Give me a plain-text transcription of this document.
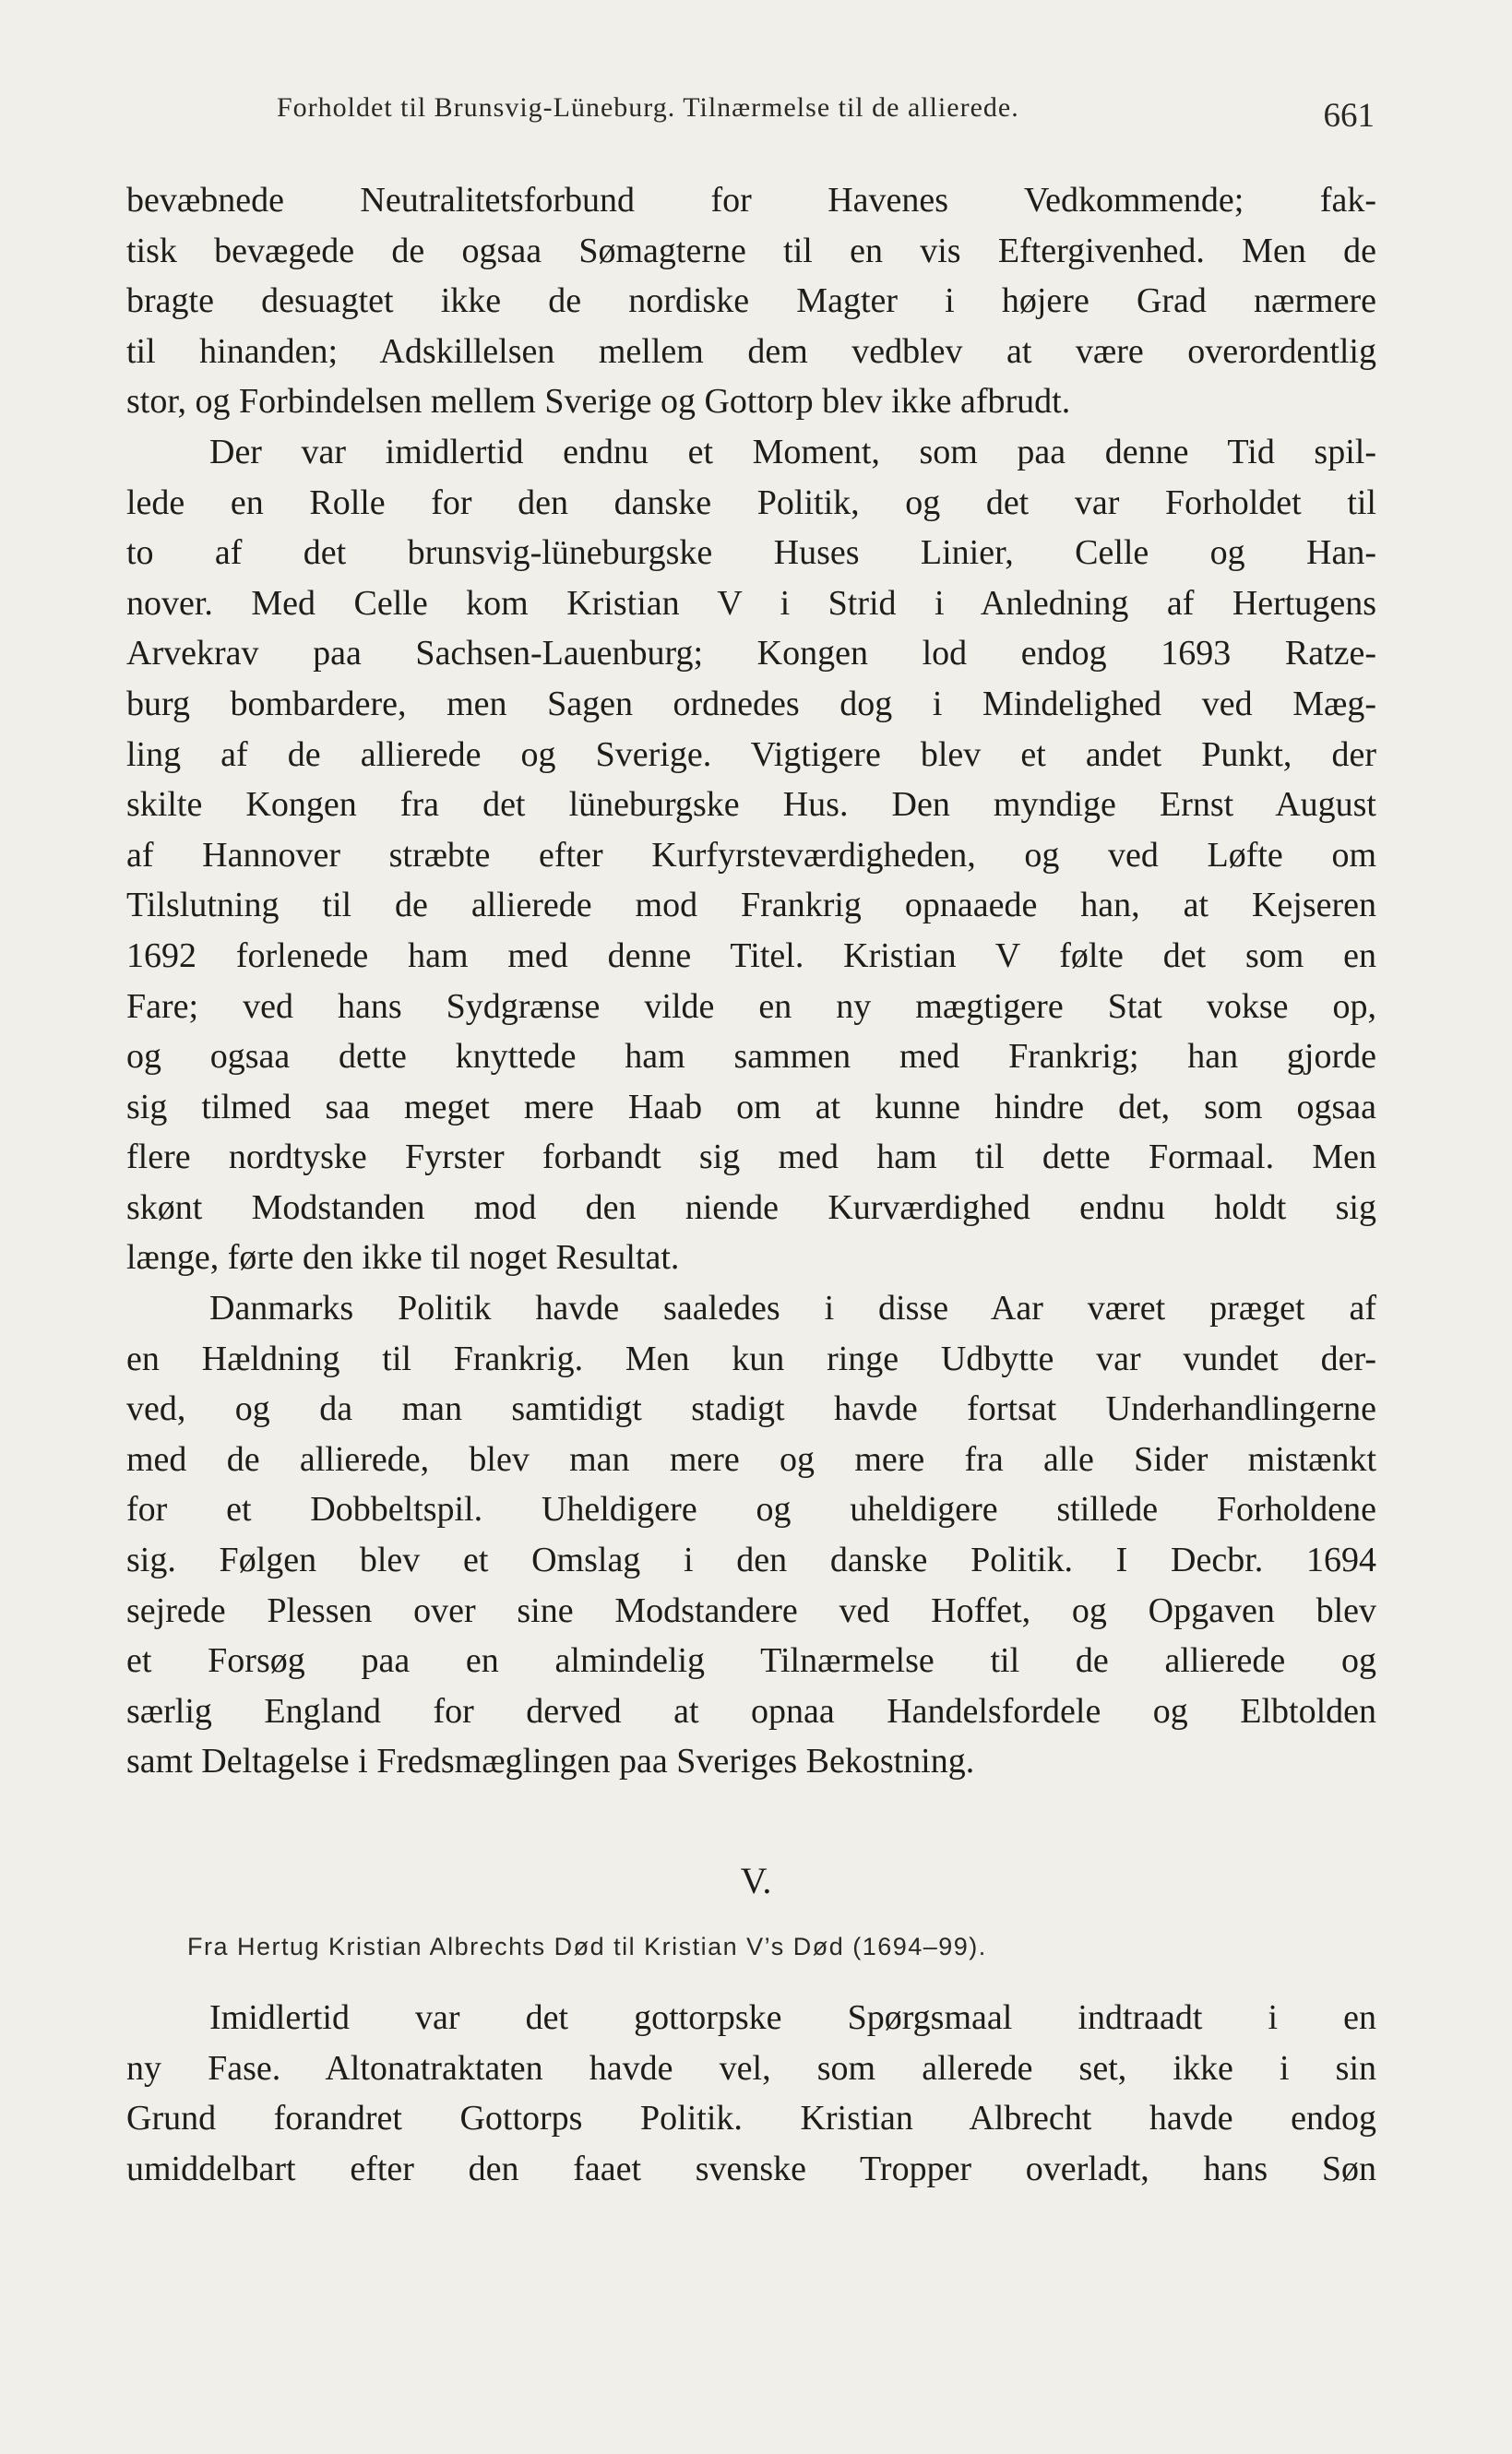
Forholdet til Brunsvig-Lüneburg. Tilnærmelse til de allierede.	661
bevæbnede Neutralitetsforbund for Havenes Vedkommende; fak-
tisk bevægede de ogsaa Sømagterne til en vis Eftergivenhed. Men de
bragte desuagtet ikke de nordiske Magter i højere Grad nærmere
til hinanden; Adskillelsen mellem dem vedblev at være overordentlig
stor, og Forbindelsen mellem Sverige og Gottorp blev ikke afbrudt.
Der var imidlertid endnu et Moment, som paa denne Tid spil-
lede en Rolle for den danske Politik, og det var Forholdet til
to af det brunsvig-lüneburgske Huses Linier, Celle og Han-
nover. Med Celle kom Kristian V i Strid i Anledning af Hertugens
Arvekrav paa Sachsen-Lauenburg; Kongen lod endog 1693 Ratze-
burg bombardere, men Sagen ordnedes dog i Mindelighed ved Mæg-
ling af de allierede og Sverige. Vigtigere blev et andet Punkt, der
skilte Kongen fra det lüneburgske Hus. Den myndige Ernst August
af Hannover stræbte efter Kurfyrsteværdigheden, og ved Løfte om
Tilslutning til de allierede mod Frankrig opnaaede han, at Kejseren
1692 forlenede ham med denne Titel. Kristian V følte det som en
Fare; ved hans Sydgrænse vilde en ny mægtigere Stat vokse op,
og ogsaa dette knyttede ham sammen med Frankrig; han gjorde
sig tilmed saa meget mere Haab om at kunne hindre det, som ogsaa
flere nordtyske Fyrster forbandt sig med ham til dette Formaal. Men
skønt Modstanden mod den niende Kurværdighed endnu holdt sig
længe, førte den ikke til noget Resultat.
Danmarks Politik havde saaledes i disse Aar været præget af
en Hældning til Frankrig. Men kun ringe Udbytte var vundet der-
ved, og da man samtidigt stadigt havde fortsat Underhandlingerne
med de allierede, blev man mere og mere fra alle Sider mistænkt
for et Dobbeltspil. Uheldigere og uheldigere stillede Forholdene
sig. Følgen blev et Omslag i den danske Politik. I Decbr. 1694
sejrede Plessen over sine Modstandere ved Hoffet, og Opgaven blev
et Forsøg paa en almindelig Tilnærmelse til de allierede og
særlig England for derved at opnaa Handelsfordele og Elbtolden
samt Deltagelse i Fredsmæglingen paa Sveriges Bekostning.
V.
Fra Hertug Kristian Albrechts Død til Kristian V’s Død (1694–99).
Imidlertid var det gottorpske Spørgsmaal indtraadt i en
ny Fase. Altonatraktaten havde vel, som allerede set, ikke i sin
Grund forandret Gottorps Politik. Kristian Albrecht havde endog
umiddelbart efter den faaet svenske Tropper overladt, hans Søn
